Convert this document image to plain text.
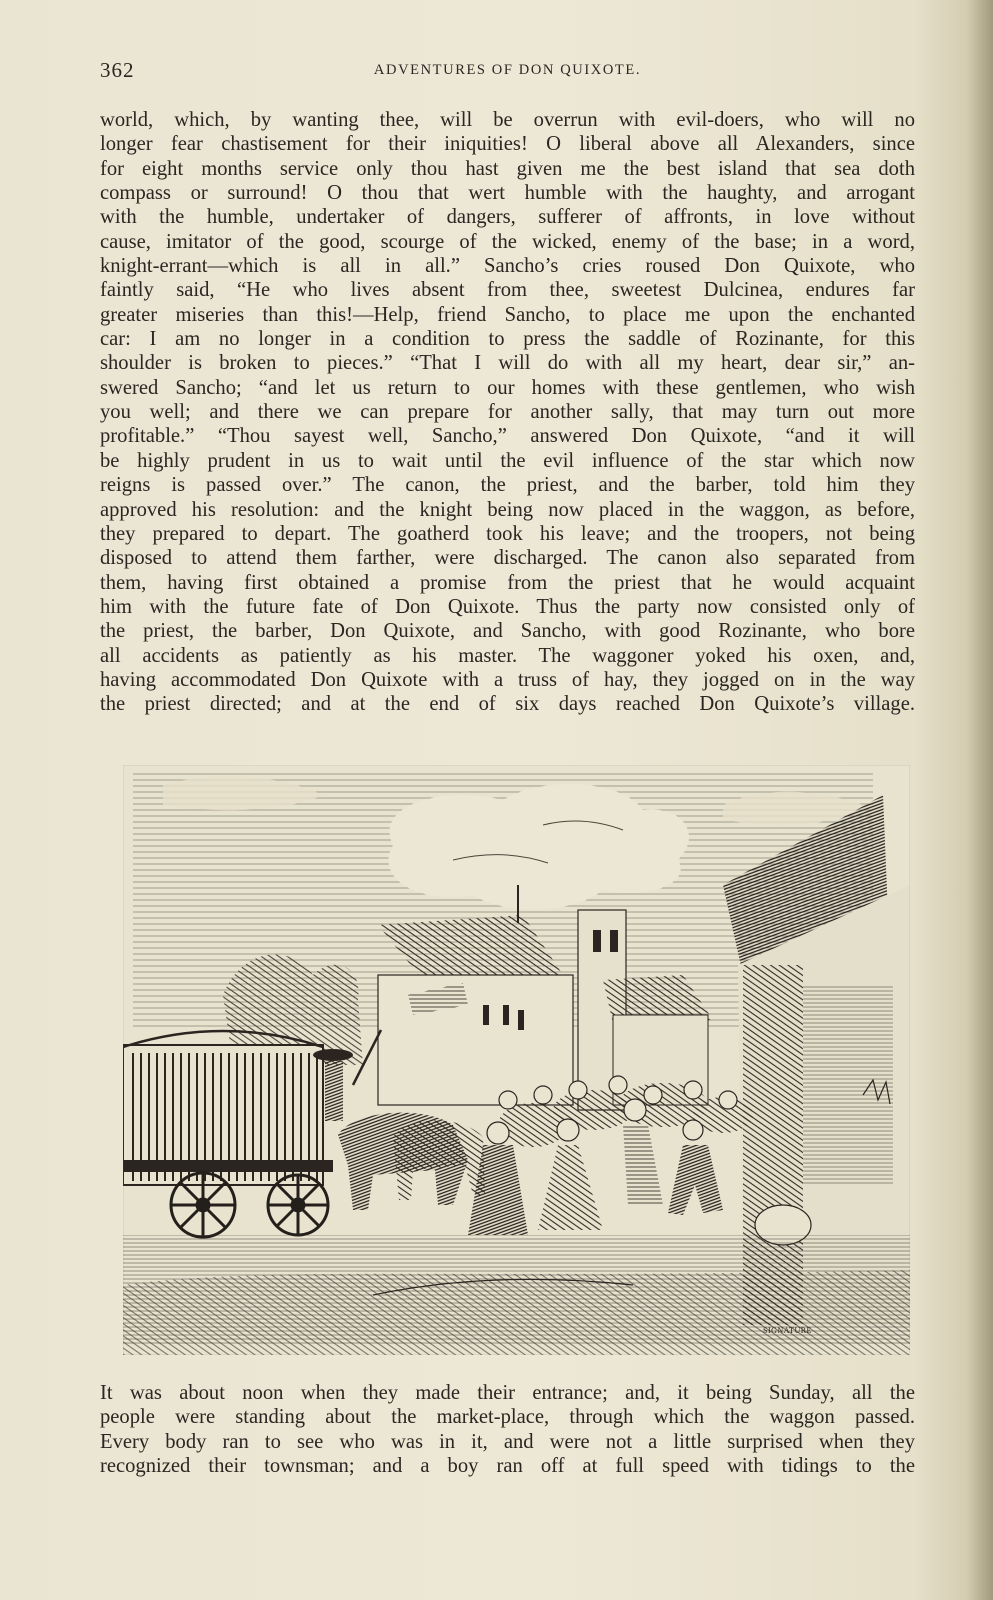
362	ADVENTURES OF DON QUIXOTE.
world, which, by wanting thee, will be overrun with evil-doers, who will no
longer fear chastisement for their iniquities! O liberal above all Alexanders, since
for eight months service only thou hast given me the best island that sea doth
compass or surround! O thou that wert humble with the haughty, and arrogant
with the humble, undertaker of dangers, sufferer of affronts, in love without
cause, imitator of the good, scourge of the wicked, enemy of the base; in a word,
knight-errant—which is all in all.” Sancho’s cries roused Don Quixote, who
faintly said, “He who lives absent from thee, sweetest Dulcinea, endures far
greater miseries than this!—Help, friend Sancho, to place me upon the enchanted
car: I am no longer in a condition to press the saddle of Rozinante, for this
shoulder is broken to pieces.” “That I will do with all my heart, dear sir,” an-
swered Sancho; “and let us return to our homes with these gentlemen, who wish
you well; and there we can prepare for another sally, that may turn out more
profitable.” “Thou sayest well, Sancho,” answered Don Quixote, “and it will
be highly prudent in us to wait until the evil influence of the star which now
reigns is passed over.” The canon, the priest, and the barber, told him they
approved his resolution: and the knight being now placed in the waggon, as before,
they prepared to depart. The goatherd took his leave; and the troopers, not being
disposed to attend them farther, were discharged. The canon also separated from
them, having first obtained a promise from the priest that he would acquaint
him with the future fate of Don Quixote. Thus the party now consisted only of
the priest, the barber, Don Quixote, and Sancho, with good Rozinante, who bore
all accidents as patiently as his master. The waggoner yoked his oxen, and,
having accommodated Don Quixote with a truss of hay, they jogged on in the way
the priest directed; and at the end of six days reached Don Quixote’s village.
SIGNATURE
It was about noon when they made their entrance; and, it being Sunday, all the
people were standing about the market-place, through which the waggon passed.
Every body ran to see who was in it, and were not a little surprised when they
recognized their townsman; and a boy ran off at full speed with tidings to the
